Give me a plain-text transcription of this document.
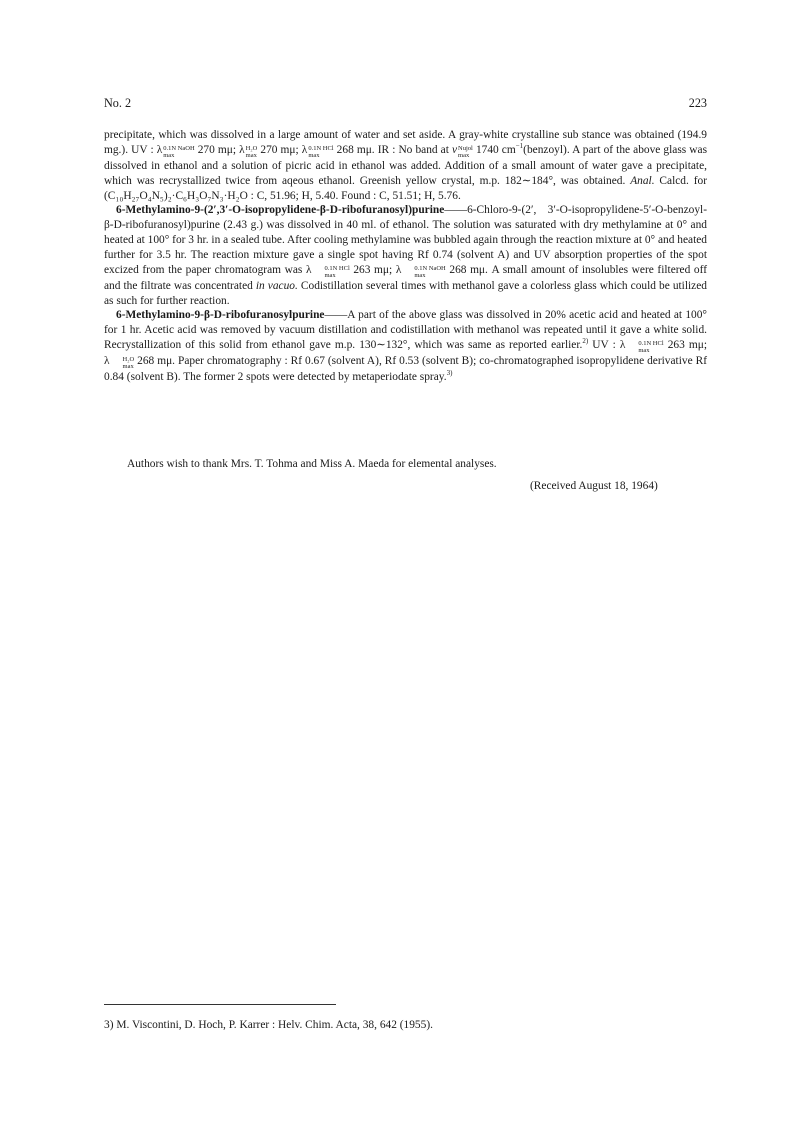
No. 2	223

precipitate, which was dissolved in a large amount of water and set aside. A gray-white crystalline sub stance was obtained (194.9 mg.). UV : λ 0.1N NaOH
max	270 mμ; λ H₂O
max 270 mμ; λ 0.1N HCl
max	268 mμ. IR : No band at ν Nujol
max 1740 $cm^{-1}(benzoyl)$. A part of the above glass was dissolved in ethanol and a solution of picric acid in ethanol was added. Addition of a small amount of water gave a precipitate, which was recrystallized twice from aqeous ethanol. Greenish yellow crystal, m.p. 182∼184°, was obtained. Anal. Calcd. for (C₁₀H₂₇O₄N₅)₂·C₆H₃O₇N₃·H₂O : C, 51.96; H, 5.40. Found : C, 51.51; H, 5.76.

6-Methylamino-9-(2′,3′-O-isopropylidene-β-D-ribofuranosyl)purine——6-Chloro-9-(2′, 3′-O-isopropylidene-5′-O-benzoyl-β-D-ribofuranosyl)purine (2.43 g.) was dissolved in 40 ml. of ethanol. The solution was saturated with dry methylamine at 0° and heated at 100° for 3 hr. in a sealed tube. After cooling methylamine was bubbled again through the reaction mixture at 0° and heated further for 3.5 hr. The reaction mixture gave a single spot having Rf 0.74 (solvent A) and UV absorption properties of the spot excized from the paper chromatogram was λ	0.1N HCl
max	263 mμ; λ	0.1N NaOH
max	268 mμ. A small amount of insolubles were filtered off and the filtrate was concentrated in vacuo. Codistillation several times with methanol gave a colorless glass which could be utilized as such for further reaction.

6-Methylamino-9-β-D-ribofuranosylpurine——A part of the above glass was dissolved in 20% acetic acid and heated at 100° for 1 hr. Acetic acid was removed by vacuum distillation and codistillation with methanol was repeated until it gave a white solid. Recrystallization of this solid from ethanol gave m.p. 130∼132°, which was same as reported earlier.$^{2)}$ UV : λ	0.1N HCl
max	263 mμ; λ	H₂O
max 268 mμ. Paper chromatography : Rf 0.67 (solvent A), Rf 0.53 (solvent B); co-chromatographed isopropylidene derivative Rf 0.84 (solvent B). The former 2 spots were detected by metaperiodate spray.$^{3)}$

Authors wish to thank Mrs. T. Tohma and Miss A. Maeda for elemental analyses.
(Received August 18, 1964)
3) M. Viscontini, D. Hoch, P. Karrer : Helv. Chim. Acta, 38, 642 (1955).
